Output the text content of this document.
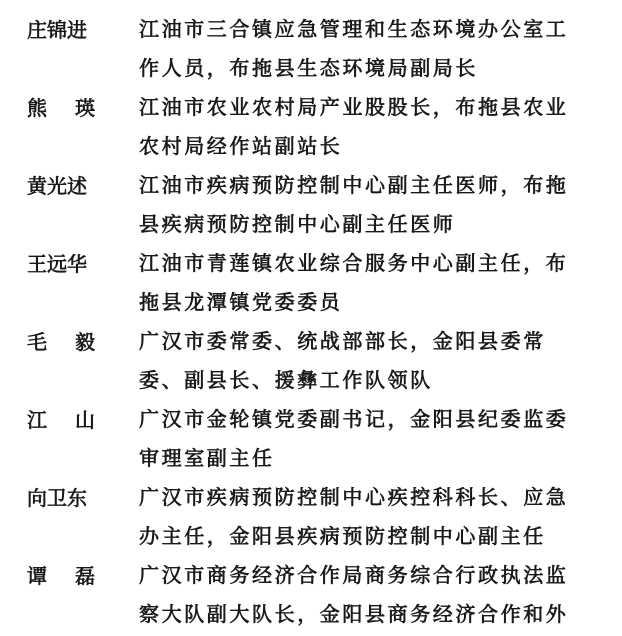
庄锦进	江油市三合镇应急管理和生态环境办公室工
作人员，布拖县生态环境局副局长
熊瑛 江油市农业农村局产业股股长，布拖县农业
农村局经作站副站长
黄光述	江油市疾病预防控制中心副主任医师，布拖
县疾病预防控制中心副主任医师
王远华	江油市青莲镇农业综合服务中心副主任，布
拖县龙潭镇党委委员
毛毅 广汉市委常委、统战部部长，金阳县委常
委、副县长、援彝工作队领队
江山 广汉市金轮镇党委副书记，金阳县纪委监委
审理室副主任
向卫东	广汉市疾病预防控制中心疾控科科长、应急
办主任，金阳县疾病预防控制中心副主任
谭磊 广汉市商务经济合作局商务综合行政执法监
察大队副大队长，金阳县商务经济合作和外
